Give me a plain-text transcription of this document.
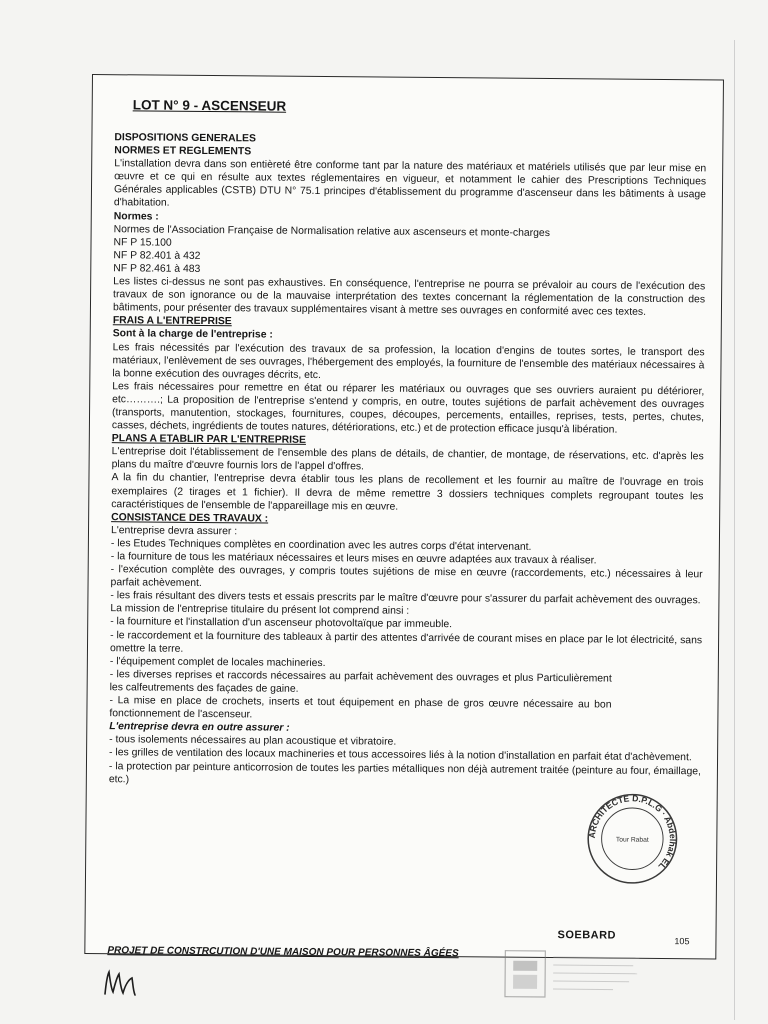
LOT N° 9 - ASCENSEUR

DISPOSITIONS GENERALES

NORMES ET REGLEMENTS

L'installation devra dans son entièreté être conforme tant par la nature des matériaux et matériels utilisés que par leur mise en œuvre et ce qui en résulte aux textes réglementaires en vigueur, et notamment le cahier des Prescriptions Techniques Générales applicables (CSTB) DTU N° 75.1 principes d'établissement du programme d'ascenseur dans les bâtiments à usage d'habitation.

Normes :

Normes de l'Association Française de Normalisation relative aux ascenseurs et monte-charges

NF P 15.100

NF P 82.401 à 432

NF P 82.461 à 483

Les listes ci-dessus ne sont pas exhaustives. En conséquence, l'entreprise ne pourra se prévaloir au cours de l'exécution des travaux de son ignorance ou de la mauvaise interprétation des textes concernant la réglementation de la construction des bâtiments, pour présenter des travaux supplémentaires visant à mettre ses ouvrages en conformité avec ces textes.

FRAIS A L'ENTREPRISE

Sont à la charge de l'entreprise :

Les frais nécessités par l'exécution des travaux de sa profession, la location d'engins de toutes sortes, le transport des matériaux, l'enlèvement de ses ouvrages, l'hébergement des employés, la fourniture de l'ensemble des matériaux nécessaires à la bonne exécution des ouvrages décrits, etc.

Les frais nécessaires pour remettre en état ou réparer les matériaux ou ouvrages que ses ouvriers auraient pu détériorer, etc……….; La proposition de l'entreprise s'entend y compris, en outre, toutes sujétions de parfait achèvement des ouvrages (transports, manutention, stockages, fournitures, coupes, découpes, percements, entailles, reprises, tests, pertes, chutes, casses, déchets, ingrédients de toutes natures, détériorations, etc.) et de protection efficace jusqu'à libération.

PLANS A ETABLIR PAR L'ENTREPRISE

L'entreprise doit l'établissement de l'ensemble des plans de détails, de chantier, de montage, de réservations, etc. d'après les plans du maître d'œuvre fournis lors de l'appel d'offres.

A la fin du chantier, l'entreprise devra établir tous les plans de recollement et les fournir au maître de l'ouvrage en trois exemplaires (2 tirages et 1 fichier). Il devra de même remettre 3 dossiers techniques complets regroupant toutes les caractéristiques de l'ensemble de l'appareillage mis en œuvre.

CONSISTANCE DES TRAVAUX :

L'entreprise devra assurer :

- les Etudes Techniques complètes en coordination avec les autres corps d'état intervenant.

- la fourniture de tous les matériaux nécessaires et leurs mises en œuvre adaptées aux travaux à réaliser.

- l'exécution complète des ouvrages, y compris toutes sujétions de mise en œuvre (raccordements, etc.) nécessaires à leur parfait achèvement.

- les frais résultant des divers tests et essais prescrits par le maître d'œuvre pour s'assurer du parfait achèvement des ouvrages.

La mission de l'entreprise titulaire du présent lot comprend ainsi :

- la fourniture et l'installation d'un ascenseur photovoltaïque par immeuble.

- le raccordement et la fourniture des tableaux à partir des attentes d'arrivée de courant mises en place par le lot électricité, sans omettre la terre.

- l'équipement complet de locales machineries.

- les diverses reprises et raccords nécessaires au parfait achèvement des ouvrages et plus Particulièrement les calfeutrements des façades de gaine.

- La mise en place de crochets, inserts et tout équipement en phase de gros œuvre nécessaire au bon fonctionnement de l'ascenseur.

L'entreprise devra en outre assurer :

- tous isolements nécessaires au plan acoustique et vibratoire.

- les grilles de ventilation des locaux machineries et tous accessoires liés à la notion d'installation en parfait état d'achèvement.

- la protection par peinture anticorrosion de toutes les parties métalliques non déjà autrement traitée (peinture au four, émaillage, etc.)

SOEBARD	105
ARCHITECTE D.P.L.G · Abdelhak EL
Tour Rabat
PROJET DE CONSTRCUTION D'UNE MAISON POUR PERSONNES ÂGÉES
